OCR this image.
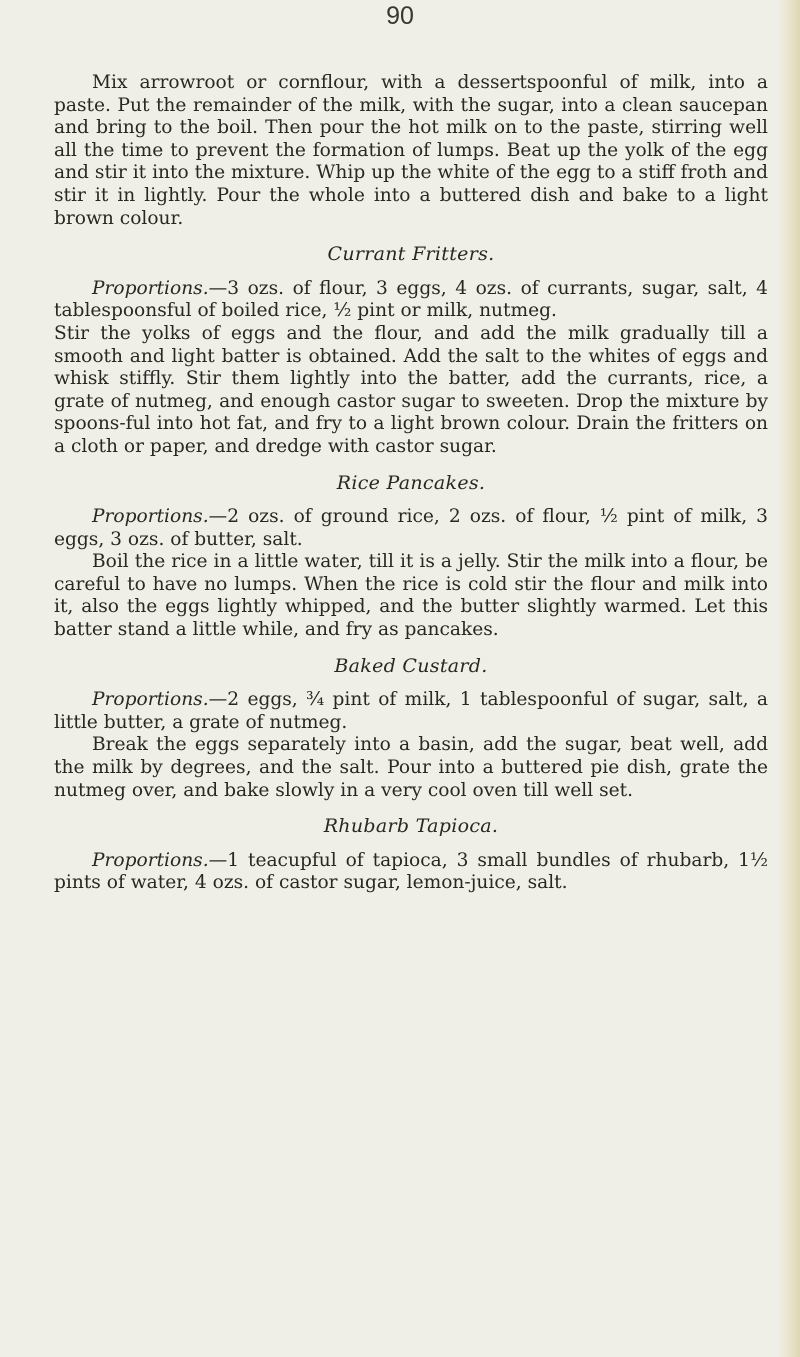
90

Mix arrowroot or cornflour, with a dessertspoonful of milk, into a paste. Put the remainder of the milk, with the sugar, into a clean saucepan and bring to the boil. Then pour the hot milk on to the paste, stirring well all the time to prevent the formation of lumps. Beat up the yolk of the egg and stir it into the mixture. Whip up the white of the egg to a stiff froth and stir it in lightly. Pour the whole into a buttered dish and bake to a light brown colour.

Currant Fritters.

Proportions.—3 ozs. of flour, 3 eggs, 4 ozs. of currants, sugar, salt, 4 tablespoonsful of boiled rice, ½ pint or milk, nutmeg.

Stir the yolks of eggs and the flour, and add the milk gradually till a smooth and light batter is obtained. Add the salt to the whites of eggs and whisk stiffly. Stir them lightly into the batter, add the currants, rice, a grate of nutmeg, and enough castor sugar to sweeten. Drop the mixture by spoons-ful into hot fat, and fry to a light brown colour. Drain the fritters on a cloth or paper, and dredge with castor sugar.

Rice Pancakes.

Proportions.—2 ozs. of ground rice, 2 ozs. of flour, ½ pint of milk, 3 eggs, 3 ozs. of butter, salt.

Boil the rice in a little water, till it is a jelly. Stir the milk into a flour, be careful to have no lumps. When the rice is cold stir the flour and milk into it, also the eggs lightly whipped, and the butter slightly warmed. Let this batter stand a little while, and fry as pancakes.

Baked Custard.

Proportions.—2 eggs, ¾ pint of milk, 1 tablespoonful of sugar, salt, a little butter, a grate of nutmeg.

Break the eggs separately into a basin, add the sugar, beat well, add the milk by degrees, and the salt. Pour into a buttered pie dish, grate the nutmeg over, and bake slowly in a very cool oven till well set.

Rhubarb Tapioca.

Proportions.—1 teacupful of tapioca, 3 small bundles of rhubarb, 1½ pints of water, 4 ozs. of castor sugar, lemon-juice, salt.
